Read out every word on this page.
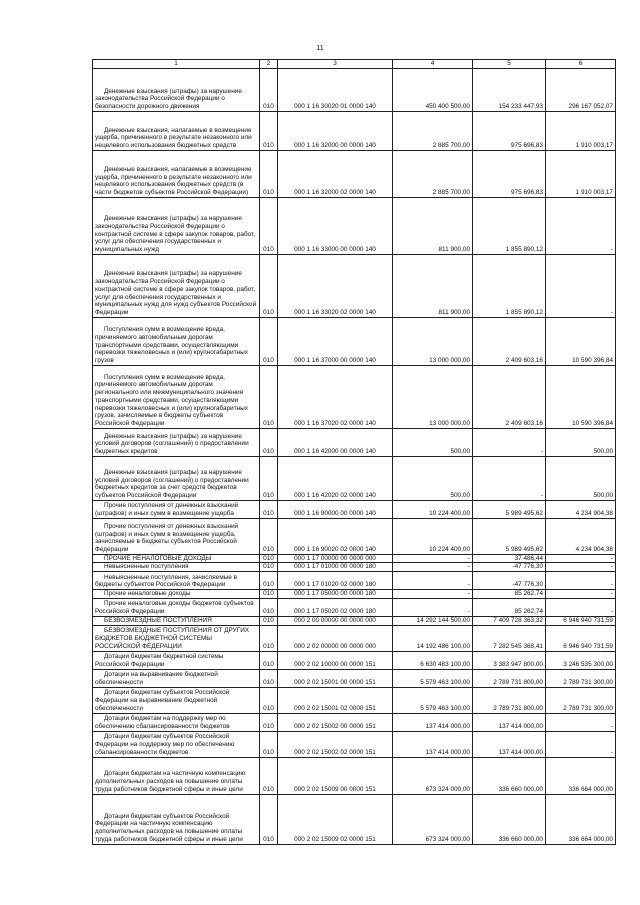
11
1	2	3	4	5	6
Денежные взыскания (штрафы) за нарушение законодательства Российской Федерации о безопасности дорожного движения	010	000 1 16 30020 01 0000 140	450 400 500,00	154 233 447,93	296 167 052,07
Денежные взыскания, налагаемые в возмещение ущерба, причиненного в результате незаконного или нецелевого использования бюджетных средств	010	000 1 16 32000 00 0000 140	2 885 700,00	975 696,83	1 910 003,17
Денежные взыскания, налагаемые в возмещение ущерба, причиненного в результате незаконного или нецелевого использования бюджетных средств (в части бюджетов субъектов Российской Федерации)	010	000 1 16 32000 02 0000 140	2 885 700,00	975 696,83	1 910 003,17
Денежные взыскания (штрафы) за нарушение законодательства Российской Федерации о контрактной системе в сфере закупок товаров, работ, услуг для обеспечения государственных и муниципальных нужд	010	000 1 16 33000 00 0000 140	811 900,00	1 855 890,12	-
Денежные взыскания (штрафы) за нарушение законодательства Российской Федерации о контрактной системе в сфере закупок товаров, работ, услуг для обеспечения государственных и муниципальных нужд для нужд субъектов Российской Федерации	010	000 1 16 33020 02 0000 140	811 900,00	1 855 890,12	-
Поступления сумм в возмещение вреда, причиняемого автомобильным дорогам транспортными средствами, осуществляющими перевозки тяжеловесных и (или) крупногабаритных грузов	010	000 1 16 37000 00 0000 140	13 000 000,00	2 409 603,16	10 590 396,84
Поступления сумм в возмещение вреда, причиняемого автомобильным дорогам регионального или межмуниципального значения транспортными средствами, осуществляющими перевозки тяжеловесных и (или) крупногабаритных грузов, зачисляемые в бюджеты субъектов Российской Федерации	010	000 1 16 37020 02 0000 140	13 000 000,00	2 409 603,16	10 590 396,84
Денежные взыскания (штрафы) за нарушение условий договоров (соглашений) о предоставлении бюджетных кредитов	010	000 1 16 42000 00 0000 140	500,00	-	500,00
Денежные взыскания (штрафы) за нарушение условий договоров (соглашений) о предоставлении бюджетных кредитов за счет средств бюджетов субъектов Российской Федерации	010	000 1 16 42020 02 0000 140	500,00	-	500,00
Прочие поступления от денежных взысканий (штрафов) и иных сумм в возмещение ущерба	010	000 1 16 90000 00 0000 140	10 224 400,00	5 989 495,62	4 234 904,38
Прочие поступления от денежных взысканий (штрафов) и иных сумм в возмещение ущерба, зачисляемые в бюджеты субъектов Российской Федерации	010	000 1 16 90020 02 0000 140	10 224 400,00	5 989 495,62	4 234 904,38
ПРОЧИЕ НЕНАЛОГОВЫЕ ДОХОДЫ	010	000 1 17 00000 00 0000 000	-	37 486,44	-
Невыясненные поступления	010	000 1 17 01000 00 0000 180	-	-47 776,30	-
Невыясненные поступления, зачисляемые в бюджеты субъектов Российской Федерации	010	000 1 17 01020 02 0000 180	-	-47 776,30	-
Прочие неналоговые доходы	010	000 1 17 05000 00 0000 180	-	85 262,74	-
Прочие неналоговые доходы бюджетов субъектов Российской Федерации	010	000 1 17 05020 02 0000 180	-	85 262,74	-
БЕЗВОЗМЕЗДНЫЕ ПОСТУПЛЕНИЯ	010	000 2 00 00000 00 0000 000	14 292 144 500,00	7 409 728 363,32	6 946 940 731,59
БЕЗВОЗМЕЗДНЫЕ ПОСТУПЛЕНИЯ ОТ ДРУГИХ БЮДЖЕТОВ БЮДЖЕТНОЙ СИСТЕМЫ РОССИЙСКОЙ ФЕДЕРАЦИИ	010	000 2 02 00000 00 0000 000	14 192 486 100,00	7 282 545 368,41	6 946 940 731,59
Дотации бюджетам бюджетной системы Российской Федерации	010	000 2 02 10000 00 0000 151	6 630 483 100,00	3 383 947 800,00	3 246 535 300,00
Дотации на выравнивание бюджетной обеспеченности	010	000 2 02 15001 00 0000 151	5 579 463 100,00	2 789 731 800,00	2 789 731 300,00
Дотации бюджетам субъектов Российской Федерации на выравнивание бюджетной обеспеченности	010	000 2 02 15001 02 0000 151	5 579 463 100,00	2 789 731 800,00	2 789 731 300,00
Дотации бюджетам на поддержку мер по обеспечению сбалансированности бюджетов	010	000 2 02 15002 00 0000 151	137 414 000,00	137 414 000,00	-
Дотации бюджетам субъектов Российской Федерации на поддержку мер по обеспечению сбалансированности бюджетов	010	000 2 02 15002 02 0000 151	137 414 000,00	137 414 000,00	-
Дотации бюджетам на частичную компенсацию дополнительных расходов на повышение оплаты труда работников бюджетной сферы и иные цели	010	000 2 02 15009 00 0000 151	673 324 000,00	336 660 000,00	336 664 000,00
Дотации бюджетам субъектов Российской Федерации на частичную компенсацию дополнительных расходов на повышение оплаты труда работников бюджетной сферы и иные цели	010	000 2 02 15009 02 0000 151	673 324 000,00	336 660 000,00	336 664 000,00
